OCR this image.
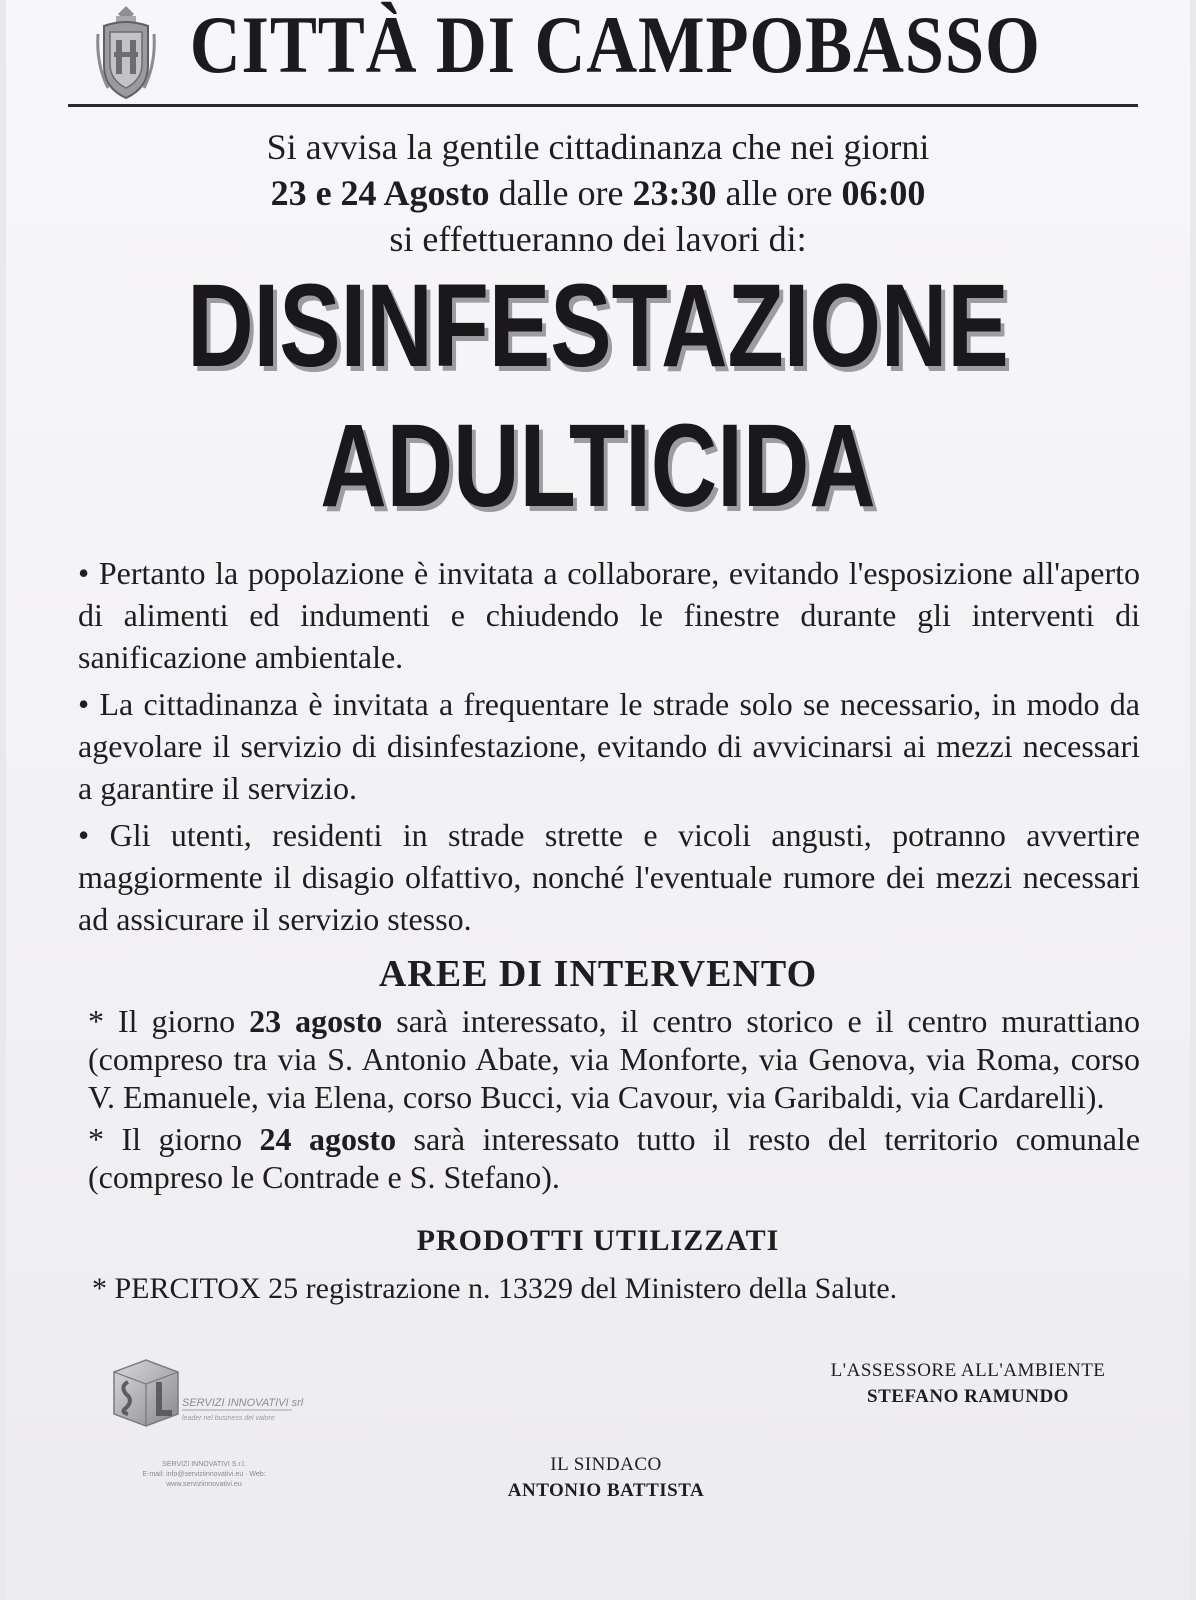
CITTÀ DI CAMPOBASSO

Si avvisa la gentile cittadinanza che nei giorni

23 e 24 Agosto dalle ore 23:30 alle ore 06:00

si effettueranno dei lavori di:

DISINFESTAZIONE
ADULTICIDA

• Pertanto la popolazione è invitata a collaborare, evitando l'esposizione all'aperto di alimenti ed indumenti e chiudendo le finestre durante gli interventi di sanificazione ambientale.

• La cittadinanza è invitata a frequentare le strade solo se necessario, in modo da agevolare il servizio di disinfestazione, evitando di avvicinarsi ai mezzi necessari a garantire il servizio.

• Gli utenti, residenti in strade strette e vicoli angusti, potranno avvertire maggiormente il disagio olfattivo, nonché l'eventuale rumore dei mezzi necessari ad assicurare il servizio stesso.

AREE DI INTERVENTO

* Il giorno 23 agosto sarà interessato, il centro storico e il centro murattiano (compreso tra via S. Antonio Abate, via Monforte, via Genova, via Roma, corso V. Emanuele, via Elena, corso Bucci, via Cavour, via Garibaldi, via Cardarelli).

* Il giorno 24 agosto sarà interessato tutto il resto del territorio comunale (compreso le Contrade e S. Stefano).

PRODOTTI UTILIZZATI
* PERCITOX 25 registrazione n. 13329 del Ministero della Salute.
SERVIZI INNOVATIVI srl
leader nel business del valore
SERVIZI INNOVATIVI S.r.l.
E-mail: info@serviziinnovativi.eu · Web: www.serviziinnovativi.eu
L'ASSESSORE ALL'AMBIENTE
STEFANO RAMUNDO
IL SINDACO
ANTONIO BATTISTA
